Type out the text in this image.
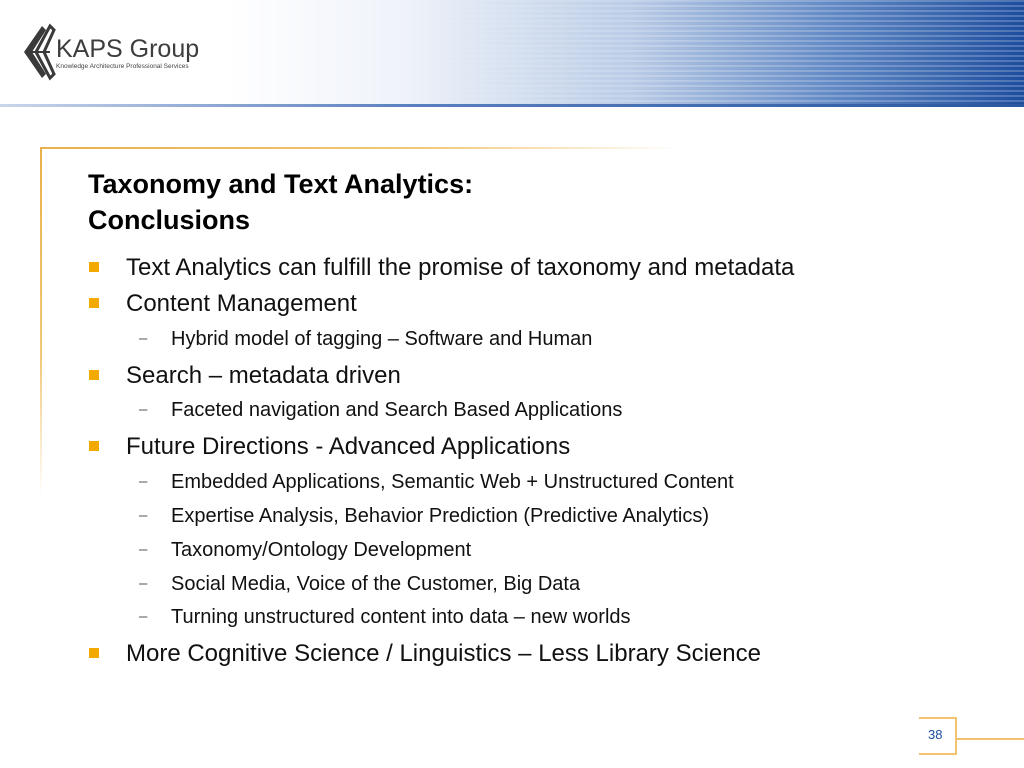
KAPS Group
Knowledge Architecture Professional Services
Taxonomy and Text Analytics:
Conclusions
Text Analytics can fulfill the promise of taxonomy and metadata
Content Management
– Hybrid model of tagging – Software and Human
Search – metadata driven
– Faceted navigation and Search Based Applications
Future Directions - Advanced Applications
– Embedded Applications, Semantic Web + Unstructured Content
– Expertise Analysis, Behavior Prediction (Predictive Analytics)
– Taxonomy/Ontology Development
– Social Media, Voice of the Customer, Big Data
– Turning unstructured content into data – new worlds
More Cognitive Science / Linguistics – Less Library Science
38
